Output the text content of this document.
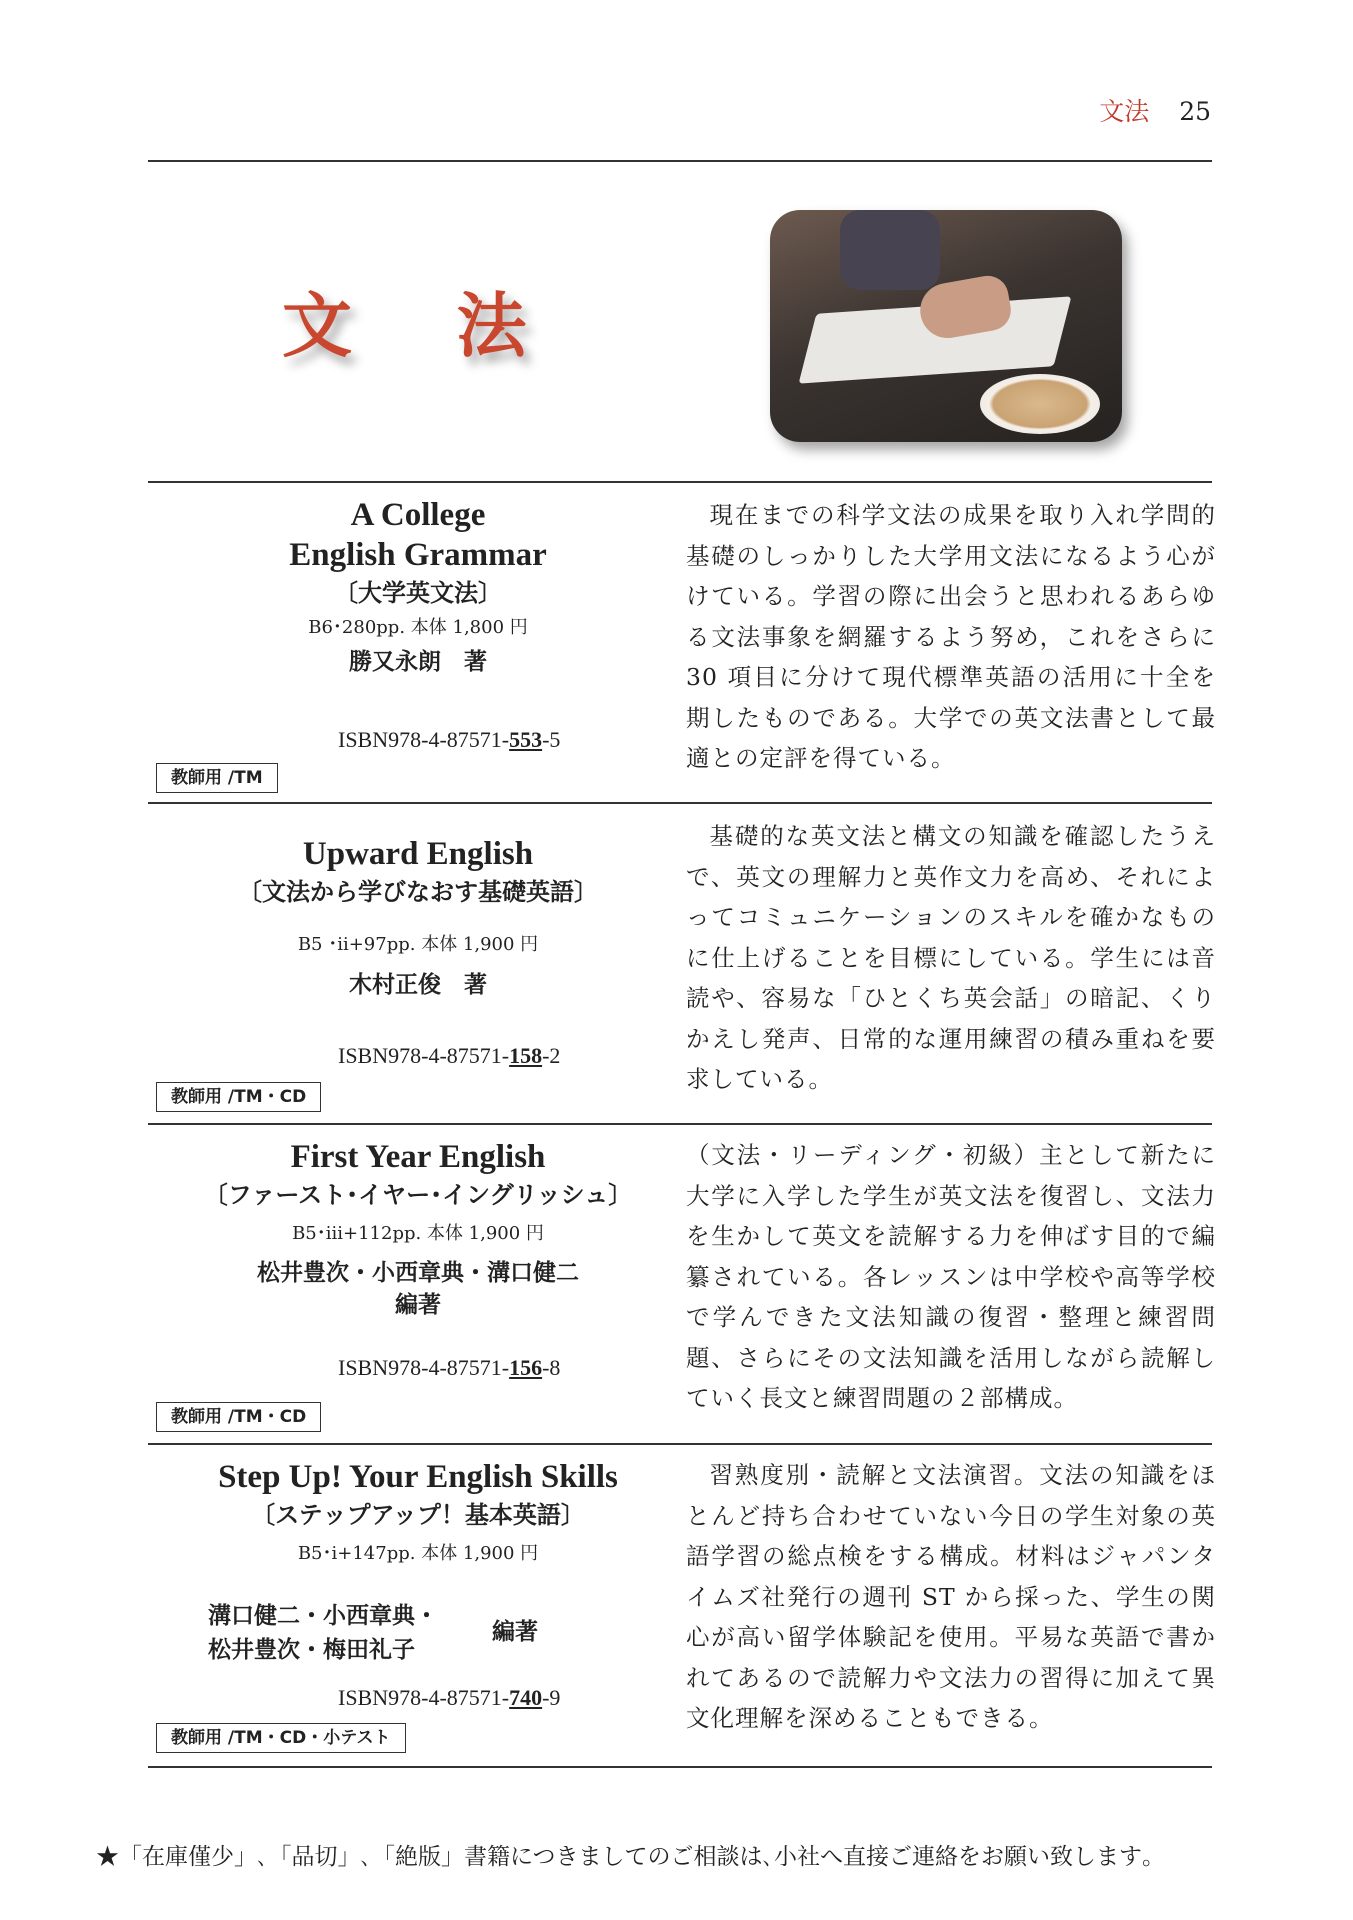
文法 25
文 法
A College
English Grammar
〔大学英文法〕
B6･280pp. 本体 1,800 円
勝又永朗　著
ISBN978-4-87571-553-5
教師用 /TM
現在までの科学文法の成果を取り入れ学問的基礎のしっかりした大学用文法になるよう心がけている。学習の際に出会うと思われるあらゆる文法事象を網羅するよう努め，これをさらに 30 項目に分けて現代標準英語の活用に十全を期したものである。大学での英文法書として最適との定評を得ている。
Upward English
〔文法から学びなおす基礎英語〕
B5 ･ii+97pp. 本体 1,900 円
木村正俊　著
ISBN978-4-87571-158-2
教師用 /TM・CD
基礎的な英文法と構文の知識を確認したうえで、英文の理解力と英作文力を高め、それによってコミュニケーションのスキルを確かなものに仕上げることを目標にしている。学生には音読や、容易な「ひとくち英会話」の暗記、くりかえし発声、日常的な運用練習の積み重ねを要求している。
First Year English
〔ファースト･イヤー･イングリッシュ〕
B5･iii+112pp. 本体 1,900 円
松井豊次・小西章典・溝口健二
編著
ISBN978-4-87571-156-8
教師用 /TM・CD
（文法・リーディング・初級）主として新たに大学に入学した学生が英文法を復習し、文法力を生かして英文を読解する力を伸ばす目的で編纂されている。各レッスンは中学校や高等学校で学んできた文法知識の復習・整理と練習問題、さらにその文法知識を活用しながら読解していく長文と練習問題の２部構成。
Step Up! Your English Skills
〔ステップアップ！基本英語〕
B5･i+147pp. 本体 1,900 円
溝口健二・小西章典・
松井豊次・梅田礼子
編著
ISBN978-4-87571-740-9
教師用 /TM・CD・小テスト
習熟度別・読解と文法演習。文法の知識をほとんど持ち合わせていない今日の学生対象の英語学習の総点検をする構成。材料はジャパンタイムズ社発行の週刊 ST から採った、学生の関心が高い留学体験記を使用。平易な英語で書かれてあるので読解力や文法力の習得に加えて異文化理解を深めることもできる。
★「在庫僅少」､「品切」､「絶版」書籍につきましてのご相談は､小社へ直接ご連絡をお願い致します｡
